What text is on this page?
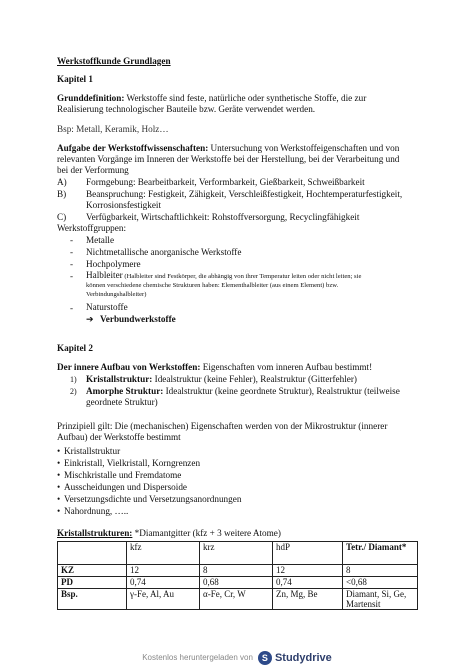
Werkstoffkunde Grundlagen
Kapitel 1
Grunddefinition: Werkstoffe sind feste, natürliche oder synthetische Stoffe, die zur
Realisierung technologischer Bauteile bzw. Geräte verwendet werden.
Bsp: Metall, Keramik, Holz…
Aufgabe der Werkstoffwissenschaften: Untersuchung von Werkstoffeigenschaften und von
relevanten Vorgänge im Inneren der Werkstoffe bei der Herstellung, bei der Verarbeitung und
bei der Verformung
A) Formgebung: Bearbeitbarkeit, Verformbarkeit, Gießbarkeit, Schweißbarkeit
B) Beanspruchung: Festigkeit, Zähigkeit, Verschleißfestigkeit, Hochtemperaturfestigkeit,
Korrosionsfestigkeit
C) Verfügbarkeit, Wirtschaftlichkeit: Rohstoffversorgung, Recyclingfähigkeit
Werkstoffgruppen:
- Metalle
- Nichtmetallische anorganische Werkstoffe
- Hochpolymere
- Halbleiter (Halbleiter sind Festkörper, die abhängig von ihrer Temperatur leiten oder nicht leiten; sie
können verschiedene chemische Strukturen haben: Elementhalbleiter (aus einem Element) bzw.
Verbindungshalbleiter)
- Naturstoffe
➔ Verbundwerkstoffe
Kapitel 2
Der innere Aufbau von Werkstoffen: Eigenschaften vom inneren Aufbau bestimmt!
1) Kristallstruktur: Idealstruktur (keine Fehler), Realstruktur (Gitterfehler)
2) Amorphe Struktur: Idealstruktur (keine geordnete Struktur), Realstruktur (teilweise
geordnete Struktur)
Prinzipiell gilt: Die (mechanischen) Eigenschaften werden von der Mikrostruktur (innerer
Aufbau) der Werkstoffe bestimmt
• Kristallstruktur
• Einkristall, Vielkristall, Korngrenzen
• Mischkristalle und Fremdatome
• Ausscheidungen und Dispersoide
• Versetzungsdichte und Versetzungsanordnungen
• Nahordnung, …..
Kristallstrukturen: *Diamantgitter (kfz + 3 weitere Atome)
	kfz	krz	hdP	Tetr./ Diamant*
KZ	12	8	12	8
PD	0,74	0,68	0,74	<0,68
Bsp.	γ-Fe, Al, Au	α-Fe, Cr, W	Zn, Mg, Be	Diamant, Si, Ge, Martensit
Kostenlos heruntergeladen von S Studydrive
